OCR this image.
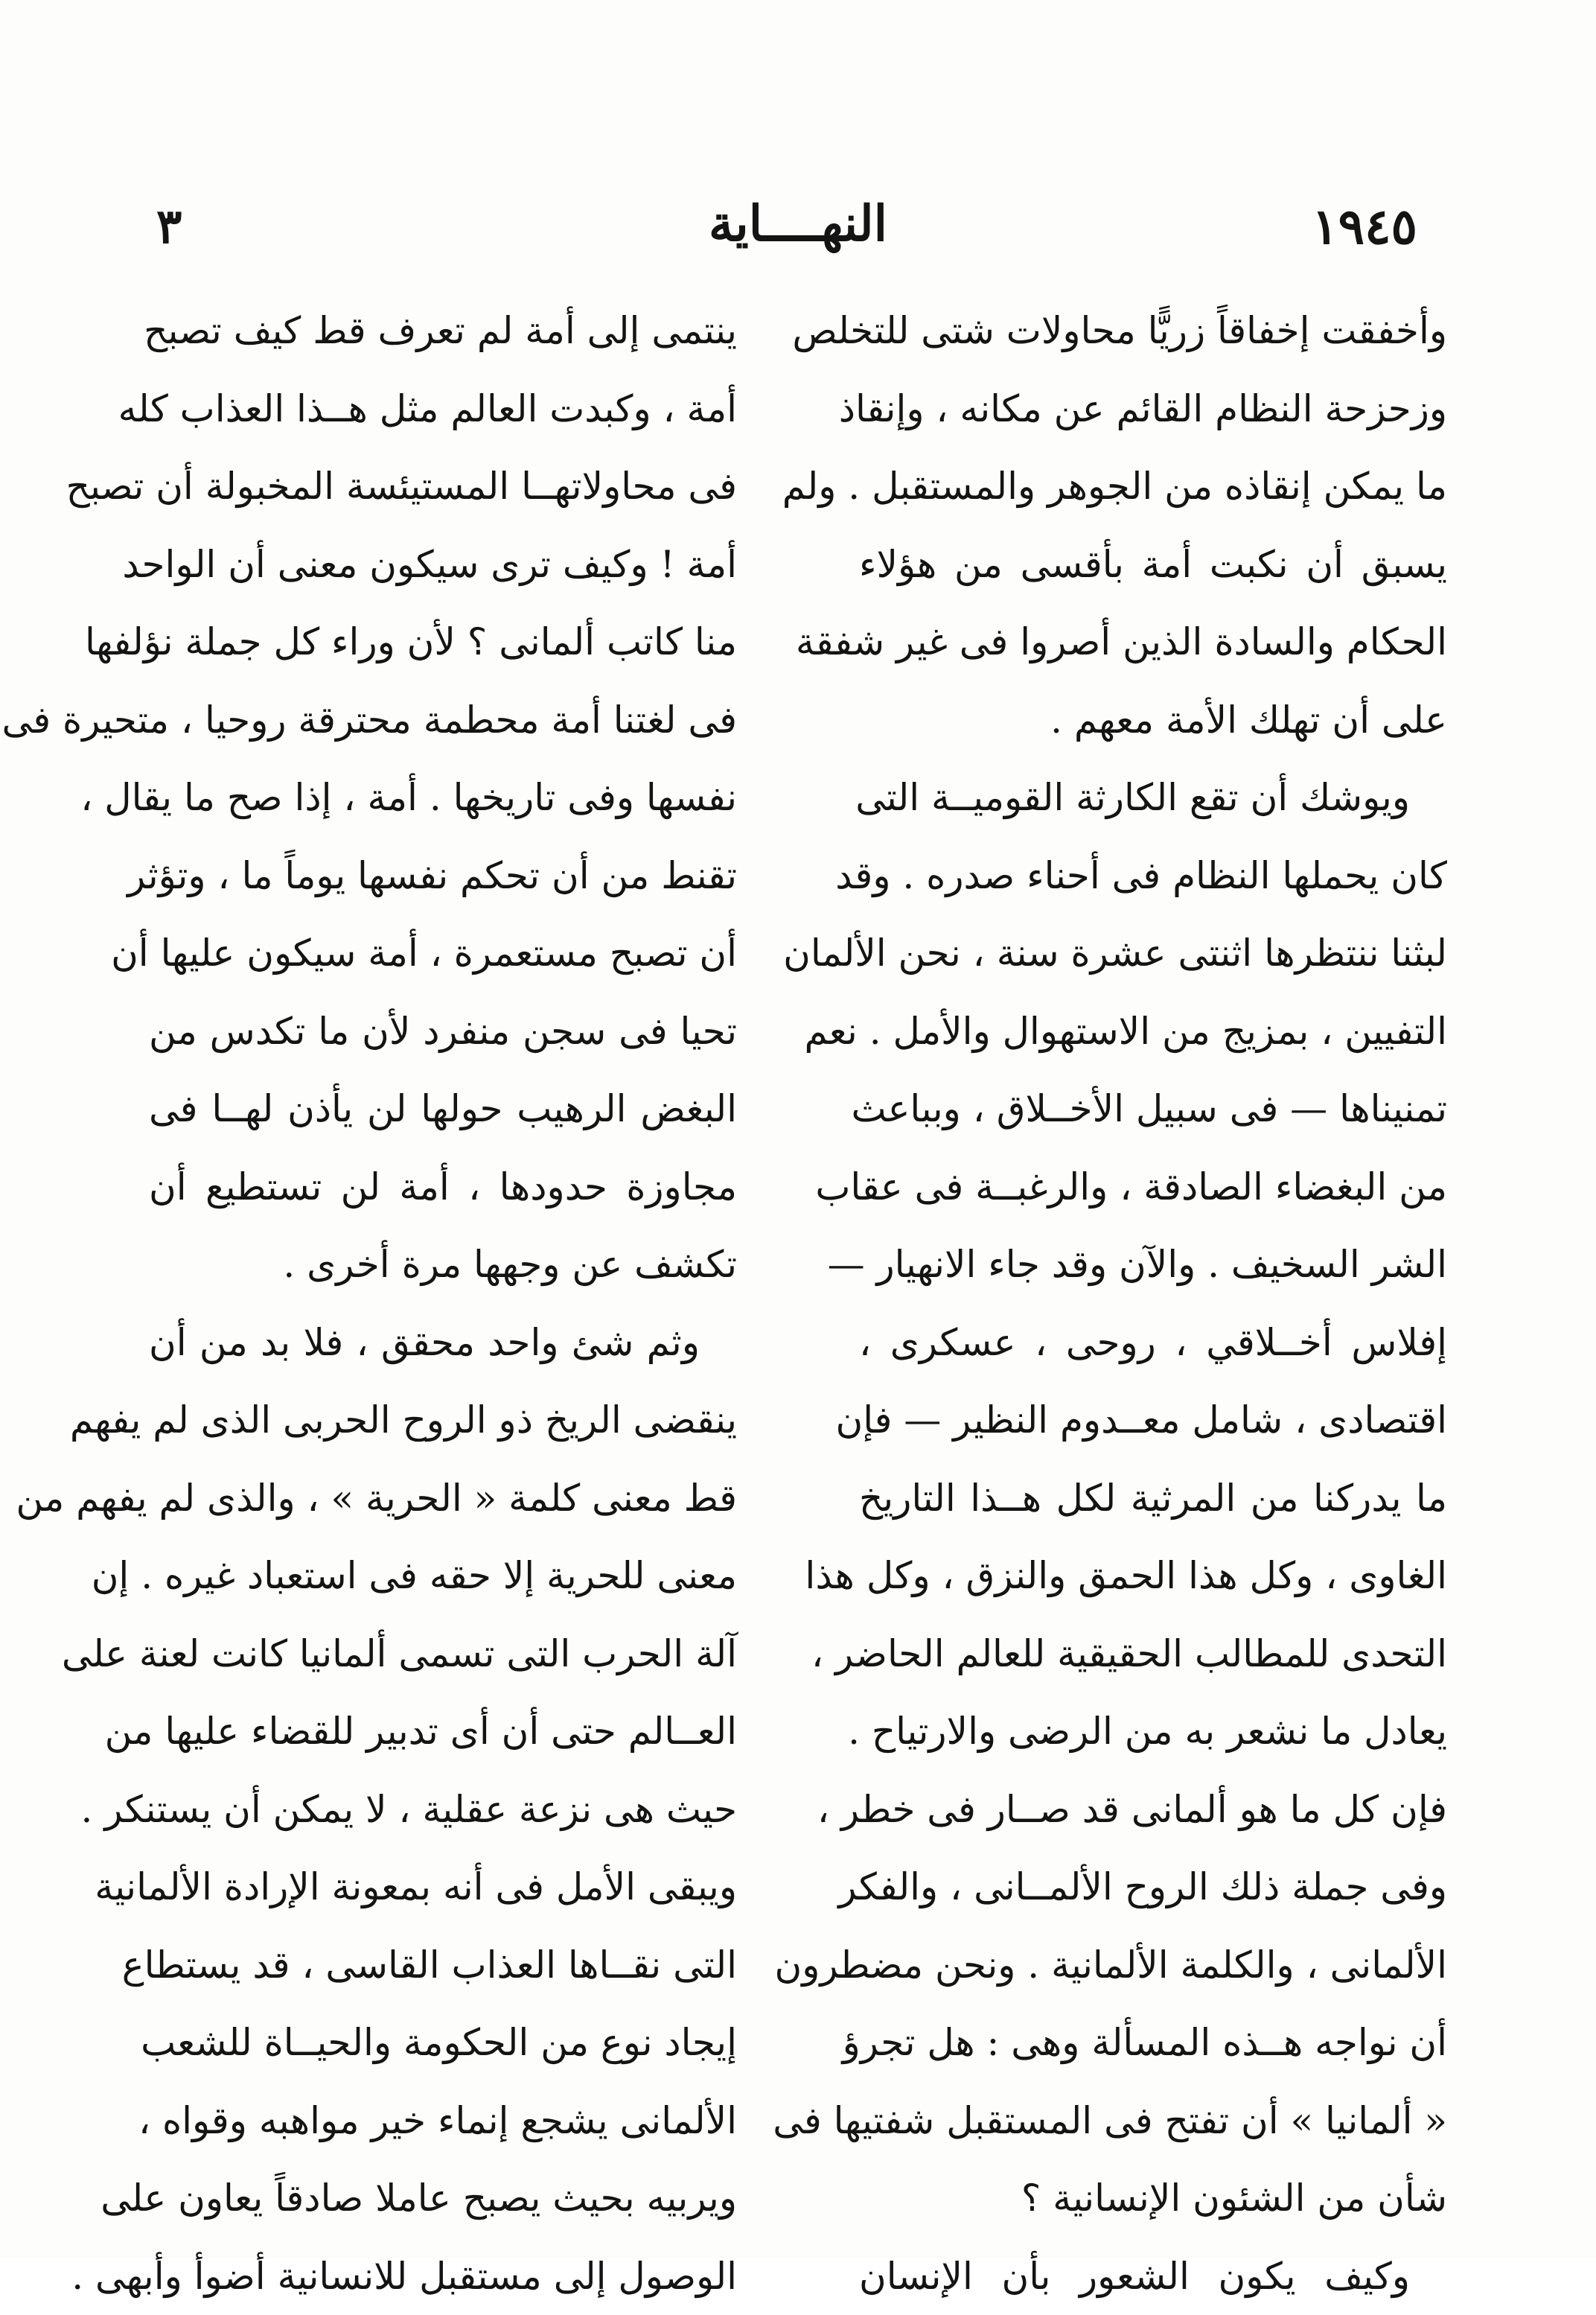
١٩٤٥
النهــــاية
٣
وأخفقت إخفاقاً زريًّا محاولات شتى للتخلص
وزحزحة النظام القائم عن مكانه ، وإنقاذ
ما يمكن إنقاذه من الجوهر والمستقبل . ولم
يسبق أن نكبت أمة بأقسى من هؤلاء
الحكام والسادة الذين أصروا فى غير شفقة
على أن تهلك الأمة معهم .
ويوشك أن تقع الكارثة القوميــة التى
كان يحملها النظام فى أحناء صدره . وقد
لبثنا ننتظرها اثنتى عشرة سنة ، نحن الألمان
التفيين ، بمزيج من الاستهوال والأمل . نعم
تمنيناها — فى سبيل الأخــلاق ، وبباعث
من البغضاء الصادقة ، والرغبــة فى عقاب
الشر السخيف . والآن وقد جاء الانهيار —
إفلاس أخــلاقي ، روحى ، عسكرى ،
اقتصادى ، شامل معــدوم النظير — فإن
ما يدركنا من المرثية لكل هــذا التاريخ
الغاوى ، وكل هذا الحمق والنزق ، وكل هذا
التحدى للمطالب الحقيقية للعالم الحاضر ،
يعادل ما نشعر به من الرضى والارتياح .
فإن كل ما هو ألمانى قد صــار فى خطر ،
وفى جملة ذلك الروح الألمــانى ، والفكر
الألمانى ، والكلمة الألمانية . ونحن مضطرون
أن نواجه هــذه المسألة وهى : هل تجرؤ
« ألمانيا » أن تفتح فى المستقبل شفتيها فى
شأن من الشئون الإنسانية ؟
وكيف يكون الشعور بأن الإنسان
ينتمى إلى أمة لم تعرف قط كيف تصبح
أمة ، وكبدت العالم مثل هــذا العذاب كله
فى محاولاتهــا المستيئسة المخبولة أن تصبح
أمة ! وكيف ترى سيكون معنى أن الواحد
منا كاتب ألمانى ؟ لأن وراء كل جملة نؤلفها
فى لغتنا أمة محطمة محترقة روحيا ، متحيرة فى
نفسها وفى تاريخها . أمة ، إذا صح ما يقال ،
تقنط من أن تحكم نفسها يوماً ما ، وتؤثر
أن تصبح مستعمرة ، أمة سيكون عليها أن
تحيا فى سجن منفرد لأن ما تكدس من
البغض الرهيب حولها لن يأذن لهــا فى
مجاوزة حدودها ، أمة لن تستطيع أن
تكشف عن وجهها مرة أخرى .
وثم شئ واحد محقق ، فلا بد من أن
ينقضى الريخ ذو الروح الحربى الذى لم يفهم
قط معنى كلمة « الحرية » ، والذى لم يفهم من
معنى للحرية إلا حقه فى استعباد غيره . إن
آلة الحرب التى تسمى ألمانيا كانت لعنة على
العــالم حتى أن أى تدبير للقضاء عليها من
حيث هى نزعة عقلية ، لا يمكن أن يستنكر .
ويبقى الأمل فى أنه بمعونة الإرادة الألمانية
التى نقــاها العذاب القاسى ، قد يستطاع
إيجاد نوع من الحكومة والحيــاة للشعب
الألمانى يشجع إنماء خير مواهبه وقواه ،
ويربيه بحيث يصبح عاملا صادقاً يعاون على
الوصول إلى مستقبل للانسانية أضوأ وأبهى .
